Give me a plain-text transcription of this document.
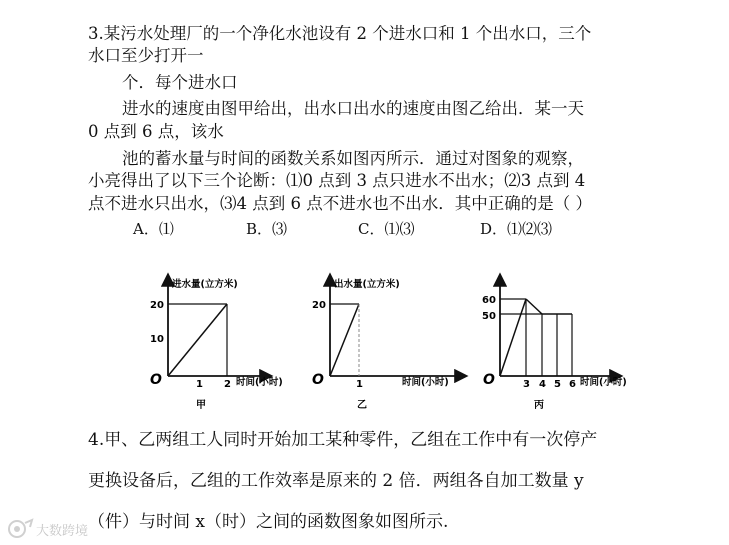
3.某污水处理厂的一个净化水池设有 2 个进水口和 1 个出水口，三个
水口至少打开一
个．每个进水口
进水的速度由图甲给出，出水口出水的速度由图乙给出．某一天
0 点到 6 点，该水
池的蓄水量与时间的函数关系如图丙所示．通过对图象的观察，
小亮得出了以下三个论断：⑴0 点到 3 点只进水不出水；⑵3 点到 4
点不进水只出水，⑶4 点到 6 点不进水也不出水．其中正确的是（ ）
A．⑴	B．⑶	C．⑴⑶	D．⑴⑵⑶
进水量(立方米)
20
10
O	1 2 时间(小时)
甲
出水量(立方米)
20
O	1	时间(小时)
乙
60
50
O	3 4 5 6 时间(小时)
丙
4.甲、乙两组工人同时开始加工某种零件，乙组在工作中有一次停产
更换设备后，乙组的工作效率是原来的 2 倍．两组各自加工数量 y
（件）与时间 x（时）之间的函数图象如图所示.
大数跨境
